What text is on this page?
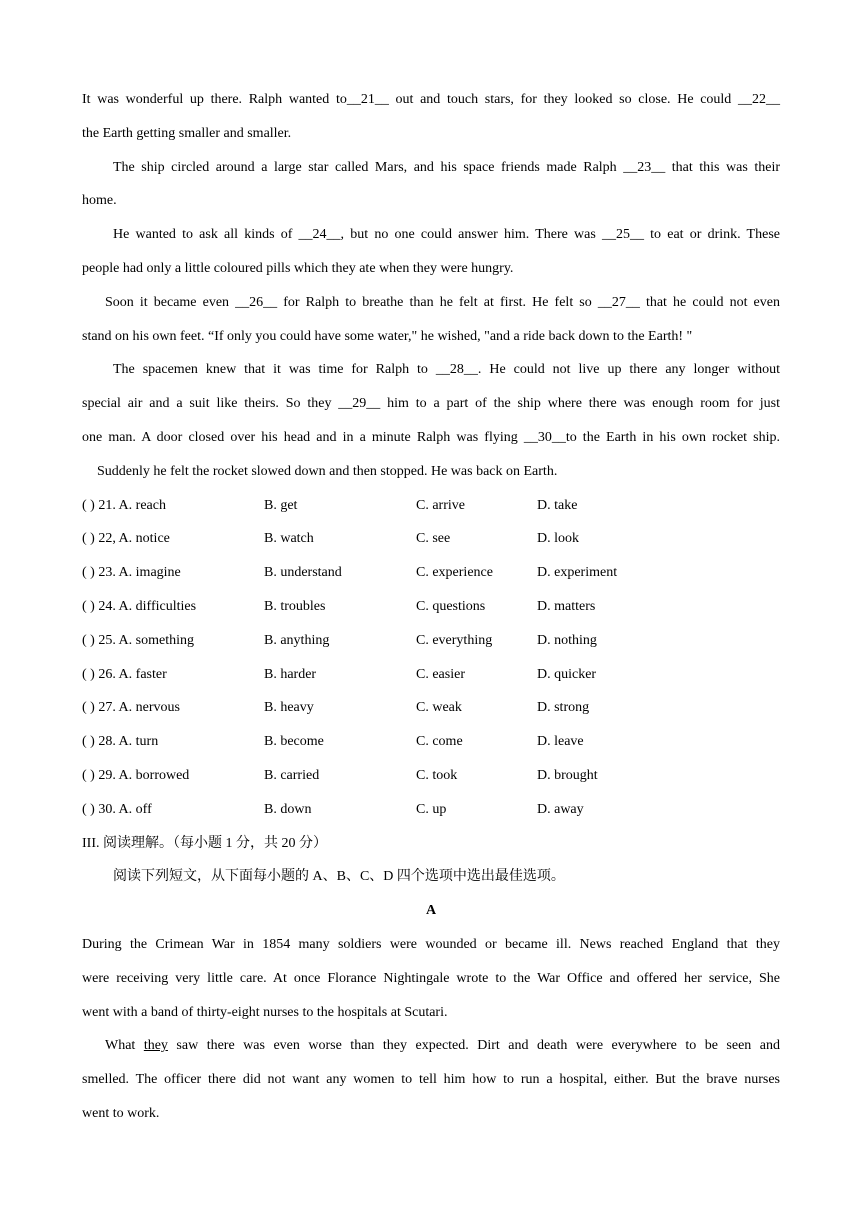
It was wonderful up there. Ralph wanted to__21__ out and touch stars, for they looked so close. He could __22__
the Earth getting smaller and smaller.
The ship circled around a large star called Mars, and his space friends made Ralph __23__ that this was their
home.
He wanted to ask all kinds of __24__, but no one could answer him. There was __25__ to eat or drink. These
people had only a little coloured pills which they ate when they were hungry.
Soon it became even __26__ for Ralph to breathe than he felt at first. He felt so __27__ that he could not even
stand on his own feet. “If only you could have some water," he wished, "and a ride back down to the Earth! "
The spacemen knew that it was time for Ralph to __28__. He could not live up there any longer without
special air and a suit like theirs. So they __29__ him to a part of the ship where there was enough room for just
one man. A door closed over his head and in a minute Ralph was flying __30__to the Earth in his own rocket ship.
Suddenly he felt the rocket slowed down and then stopped. He was back on Earth.
( ) 21. A. reach	B. get	C. arrive	D. take
( ) 22, A. notice	B. watch	C. see	D. look
( ) 23. A. imagine	B. understand	C. experience	D. experiment
( ) 24. A. difficulties	B. troubles	C. questions	D. matters
( ) 25. A. something	B. anything	C. everything	D. nothing
( ) 26. A. faster	B. harder	C. easier	D. quicker
( ) 27. A. nervous	B. heavy	C. weak	D. strong
( ) 28. A. turn	B. become	C. come	D. leave
( ) 29. A. borrowed	B. carried	C. took	D. brought
( ) 30. A. off	B. down	C. up	D. away
III. 阅读理解。（每小题 1 分，共 20 分）
阅读下列短文，从下面每小题的 A、B、C、D 四个选项中选出最佳选项。
A
During the Crimean War in 1854 many soldiers were wounded or became ill. News reached England that they
were receiving very little care. At once Florance Nightingale wrote to the War Office and offered her service, She
went with a band of thirty-eight nurses to the hospitals at Scutari.
What they saw there was even worse than they expected. Dirt and death were everywhere to be seen and
smelled. The officer there did not want any women to tell him how to run a hospital, either. But the brave nurses
went to work.
